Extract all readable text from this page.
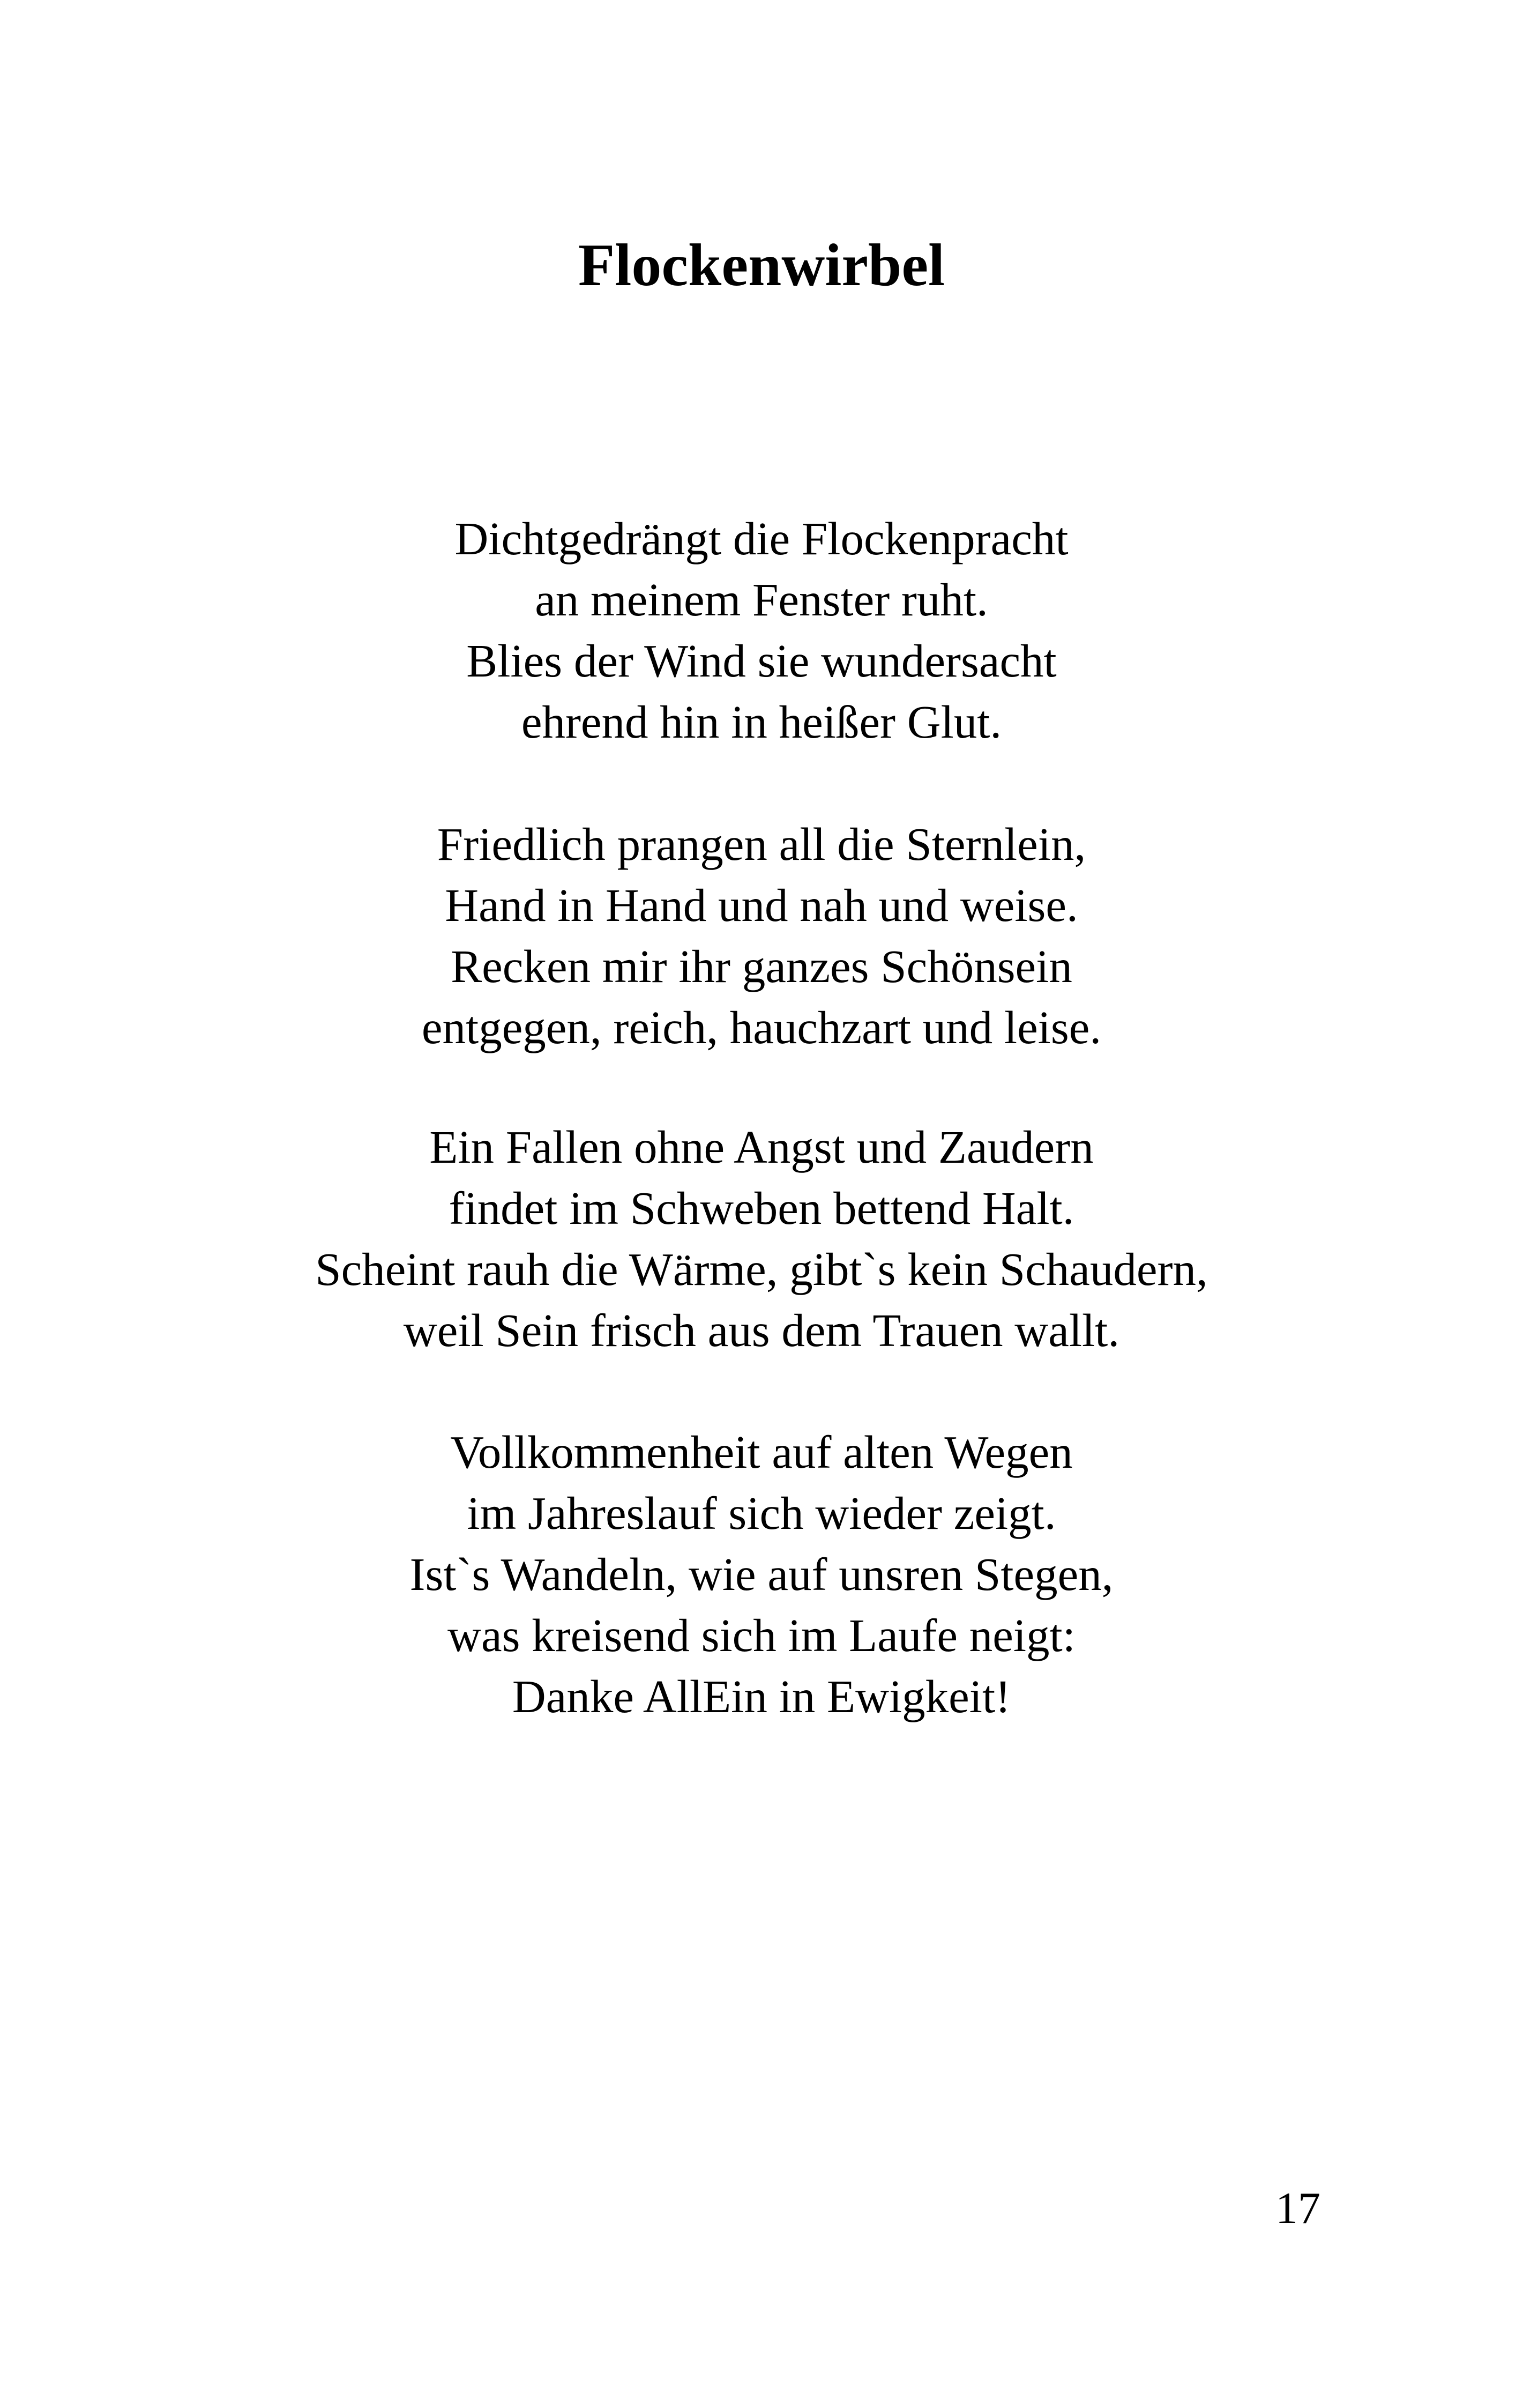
Flockenwirbel
Dichtgedrängt die Flockenpracht
an meinem Fenster ruht.
Blies der Wind sie wundersacht
ehrend hin in heißer Glut.
Friedlich prangen all die Sternlein,
Hand in Hand und nah und weise.
Recken mir ihr ganzes Schönsein
entgegen, reich, hauchzart und leise.
Ein Fallen ohne Angst und Zaudern
findet im Schweben bettend Halt.
Scheint rauh die Wärme, gibt`s kein Schaudern,
weil Sein frisch aus dem Trauen wallt.
Vollkommenheit auf alten Wegen
im Jahreslauf sich wieder zeigt.
Ist`s Wandeln, wie auf unsren Stegen,
was kreisend sich im Laufe neigt:
Danke AllEin in Ewigkeit!
17
